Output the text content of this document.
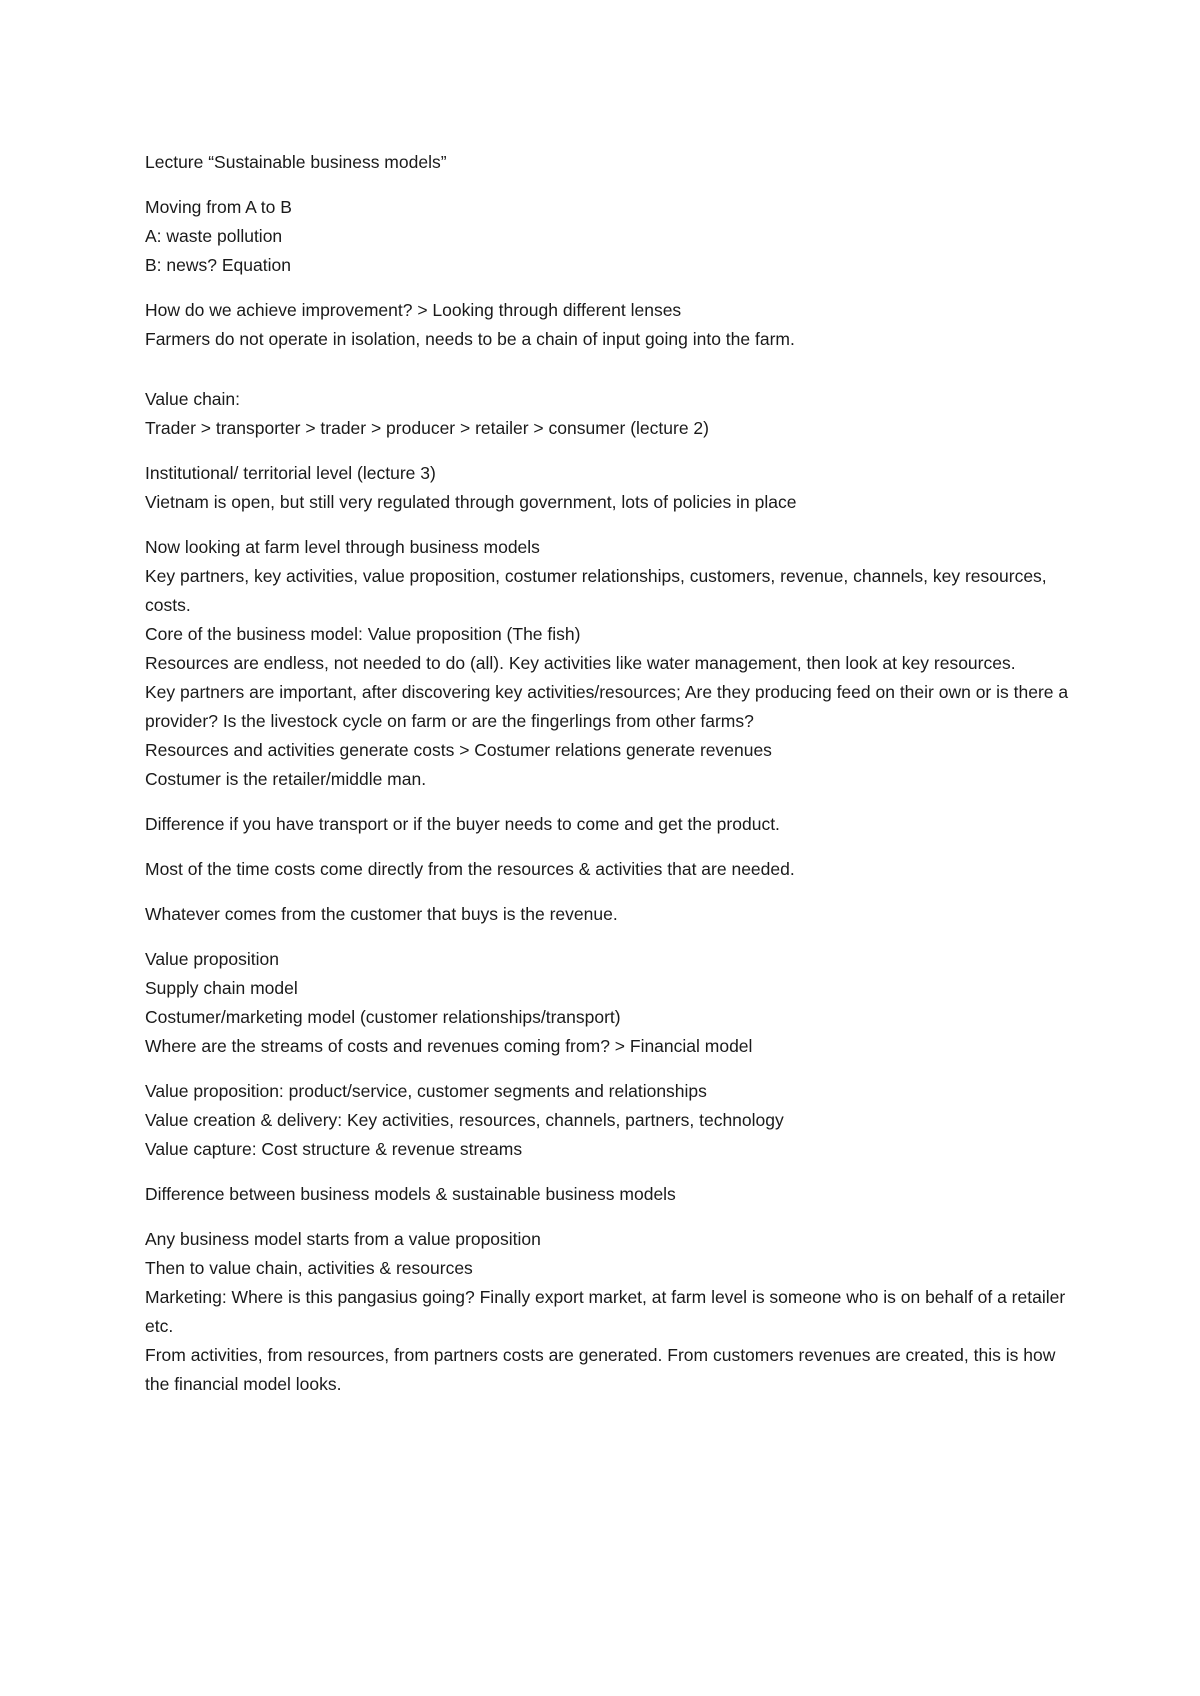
Lecture “Sustainable business models”
Moving from A to B
A: waste pollution
B: news? Equation
How do we achieve improvement? > Looking through different lenses
Farmers do not operate in isolation, needs to be a chain of input going into the farm.
Value chain:
Trader > transporter > trader > producer > retailer > consumer (lecture 2)
Institutional/ territorial level (lecture 3)
Vietnam is open, but still very regulated through government, lots of policies in place
Now looking at farm level through business models
Key partners, key activities, value proposition, costumer relationships, customers, revenue, channels, key resources, costs.
Core of the business model: Value proposition (The fish)
Resources are endless, not needed to do (all). Key activities like water management, then look at key resources.
Key partners are important, after discovering key activities/resources; Are they producing feed on their own or is there a provider? Is the livestock cycle on farm or are the fingerlings from other farms?
Resources and activities generate costs > Costumer relations generate revenues
Costumer is the retailer/middle man.
Difference if you have transport or if the buyer needs to come and get the product.
Most of the time costs come directly from the resources & activities that are needed.
Whatever comes from the customer that buys is the revenue.
Value proposition
Supply chain model
Costumer/marketing model (customer relationships/transport)
Where are the streams of costs and revenues coming from? > Financial model
Value proposition: product/service, customer segments and relationships
Value creation & delivery: Key activities, resources, channels, partners, technology
Value capture: Cost structure & revenue streams
Difference between business models & sustainable business models
Any business model starts from a value proposition
Then to value chain, activities & resources
Marketing: Where is this pangasius going? Finally export market, at farm level is someone who is on behalf of a retailer etc.
From activities, from resources, from partners costs are generated. From customers revenues are created, this is how the financial model looks.
